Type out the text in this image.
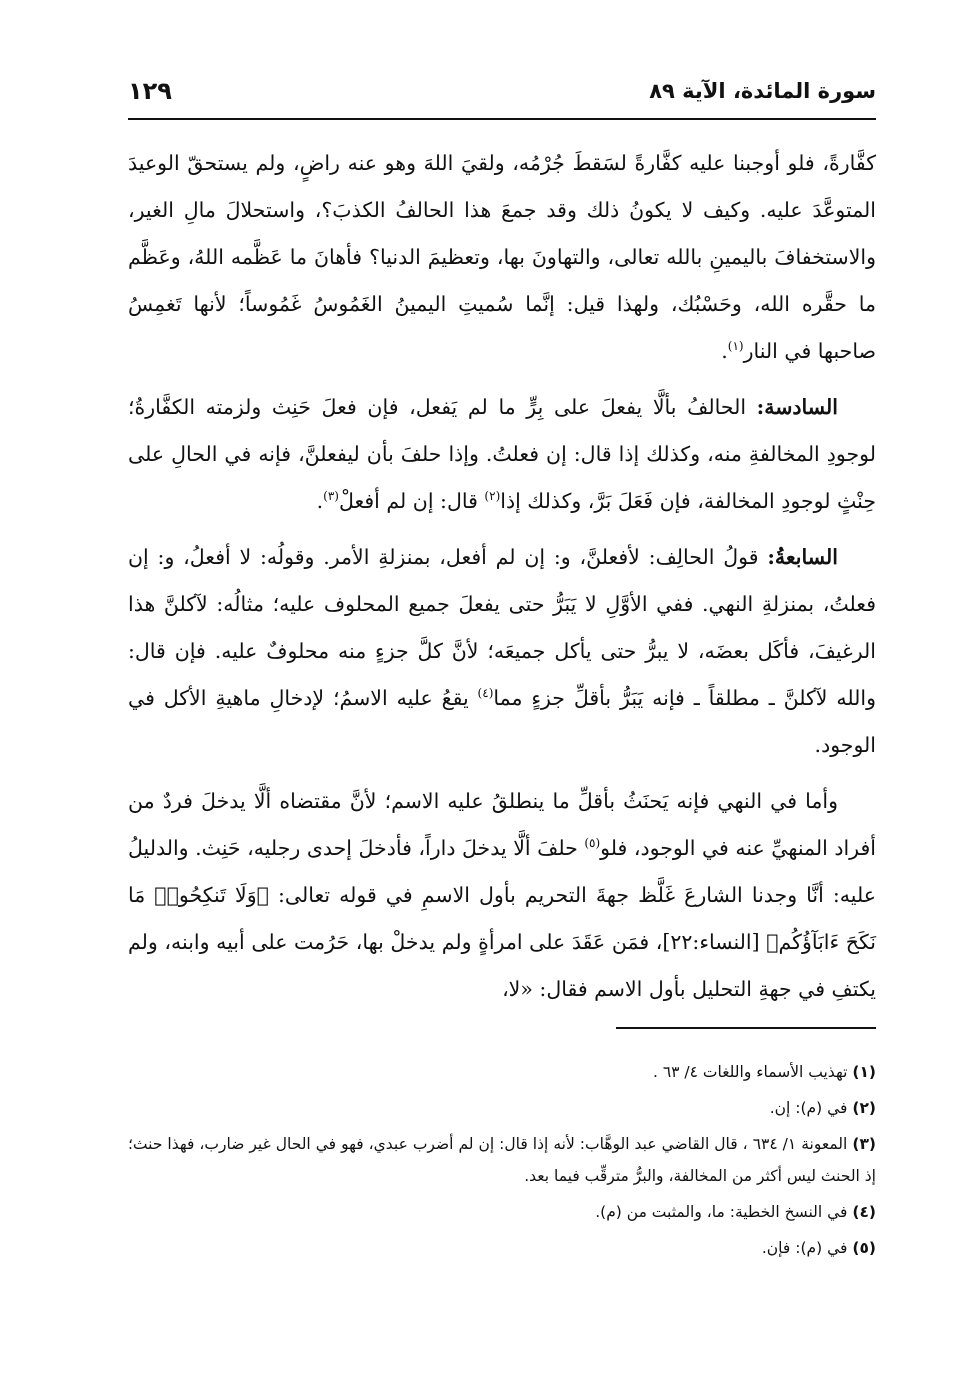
سورة المائدة، الآية ٨٩
١٢٩

كفَّارةً، فلو أوجبنا عليه كفَّارةً لسَقطَ جُرْمُه، ولقيَ اللهَ وهو عنه راضٍ، ولم يستحقّ الوعيدَ المتوعَّدَ عليه. وكيف لا يكونُ ذلك وقد جمعَ هذا الحالفُ الكذبَ؟، واستحلالَ مالِ الغير، والاستخفافَ باليمينِ بالله تعالى، والتهاونَ بها، وتعظيمَ الدنيا؟ فأهانَ ما عَظَّمه اللهُ، وعَظَّم ما حقَّره الله، وحَسْبُك، ولهذا قيل: إنَّما سُميتِ اليمينُ الغَمُوسُ غَمُوساً؛ لأنها تَغمِسُ صاحبها في النار$^{(١)}$.

السادسة: الحالفُ بألَّا يفعلَ على بِرٍّ ما لم يَفعل، فإن فعلَ حَنِث ولزمته الكفَّارةُ؛ لوجودِ المخالفةِ منه، وكذلك إذا قال: إن فعلتُ. وإذا حلفَ بأن ليفعلنَّ، فإنه في الحالِ على حِنْثٍ لوجودِ المخالفة، فإن فَعَلَ بَرَّ، وكذلك إذا$^{(٢)}$ قال: إن لم أفعلْ$^{(٣)}$.

السابعةُ: قولُ الحالِف: لأفعلنَّ، و: إن لم أفعل، بمنزلةِ الأمر. وقولُه: لا أفعلُ، و: إن فعلتُ، بمنزلةِ النهي. ففي الأوَّلِ لا يَبَرُّ حتى يفعلَ جميع المحلوف عليه؛ مثالُه: لآكلنَّ هذا الرغيفَ، فأكَل بعضَه، لا يبرُّ حتى يأكل جميعَه؛ لأنَّ كلَّ جزءٍ منه محلوفٌ عليه. فإن قال: والله لآكلنَّ ـ مطلقاً ـ فإنه يَبَرُّ بأقلِّ جزءٍ مما$^{(٤)}$ يقعُ عليه الاسمُ؛ لإدخالِ ماهيةِ الأكل في الوجود.

وأما في النهي فإنه يَحنَثُ بأقلِّ ما ينطلقُ عليه الاسم؛ لأنَّ مقتضاه ألَّا يدخلَ فردٌ من أفراد المنهيِّ عنه في الوجود، فلو$^{(٥)}$ حلفَ ألَّا يدخلَ داراً، فأدخلَ إحدى رجليه، حَنِث. والدليلُ عليه: أنَّا وجدنا الشارعَ غَلَّظ جهةَ التحريم بأول الاسمِ في قوله تعالى: ﴿وَلَا تَنكِحُوا۟ مَا نَكَحَ ءَابَآؤُكُم﴾ [النساء:٢٢]، فمَن عَقَدَ على امرأةٍ ولم يدخلْ بها، حَرُمت على أبيه وابنه، ولم يكتفِ في جهةِ التحليل بأول الاسم فقال: «لا،

(١) تهذيب الأسماء واللغات ٤/ ٦٣ .
(٢) في (م): إن.
(٣) المعونة ١/ ٦٣٤ ، قال القاضي عبد الوهَّاب: لأنه إذا قال: إن لم أضرب عبدي، فهو في الحال غير ضارب، فهذا حنث؛ إذ الحنث ليس أكثر من المخالفة، والبرُّ مترقِّب فيما بعد.
(٤) في النسخ الخطية: ما، والمثبت من (م).
(٥) في (م): فإن.
